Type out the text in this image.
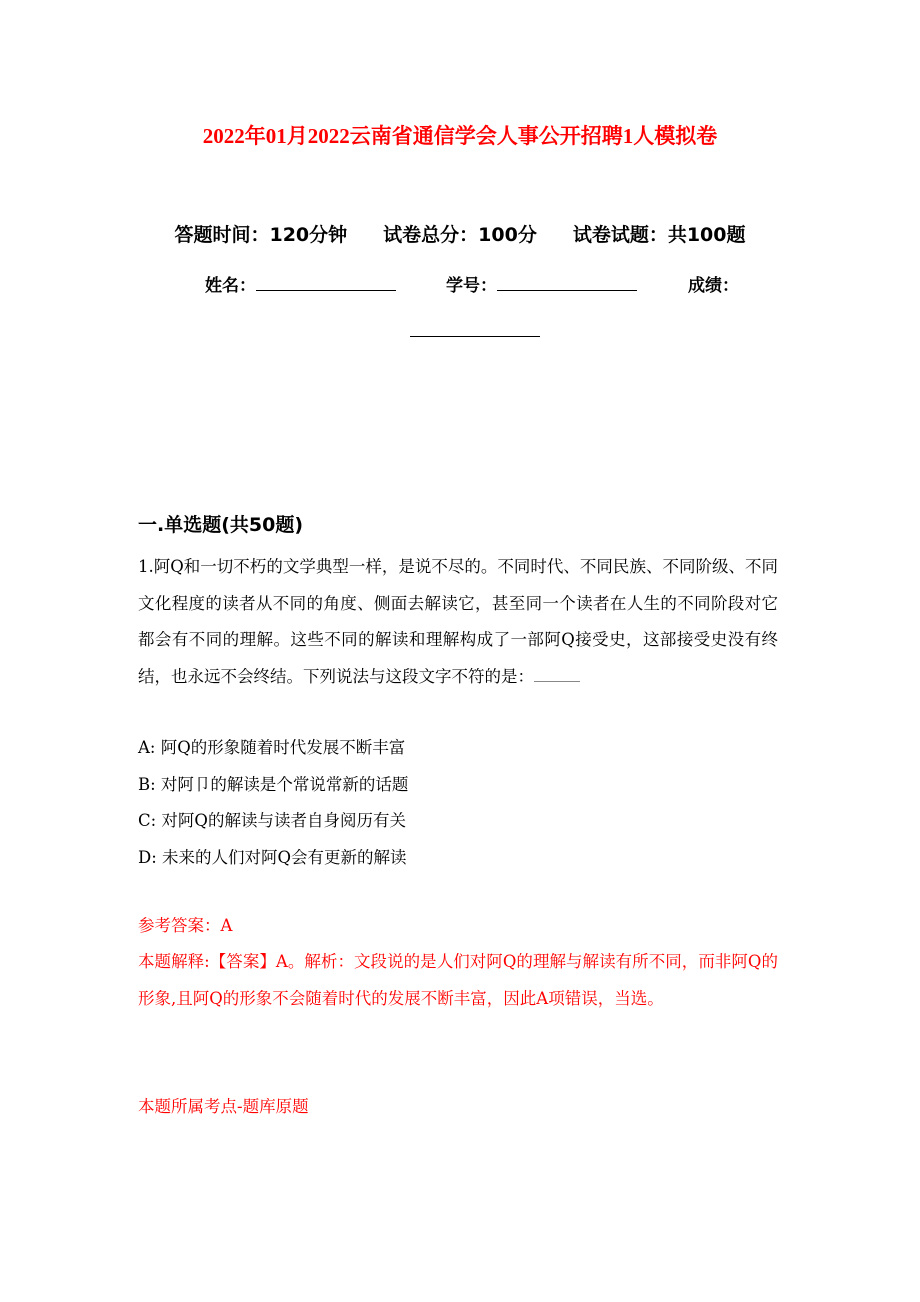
2022年01月2022云南省通信学会人事公开招聘1人模拟卷
答题时间：120分钟 试卷总分：100分 试卷试题：共100题
姓名：	学号：	成绩：
一.单选题(共50题)
1.阿Q和一切不朽的文学典型一样，是说不尽的。不同时代、不同民族、不同阶级、不同文化程度的读者从不同的角度、侧面去解读它，甚至同一个读者在人生的不同阶段对它都会有不同的理解。这些不同的解读和理解构成了一部阿Q接受史，这部接受史没有终结，也永远不会终结。下列说法与这段文字不符的是：
A: 阿Q的形象随着时代发展不断丰富
B: 对阿卩的解读是个常说常新的话题
C: 对阿Q的解读与读者自身阅历有关
D: 未来的人们对阿Q会有更新的解读
参考答案：A
本题解释:【答案】A。解析：文段说的是人们对阿Q的理解与解读有所不同，而非阿Q的形象,且阿Q的形象不会随着时代的发展不断丰富，因此A项错误，当选。
本题所属考点-题库原题
